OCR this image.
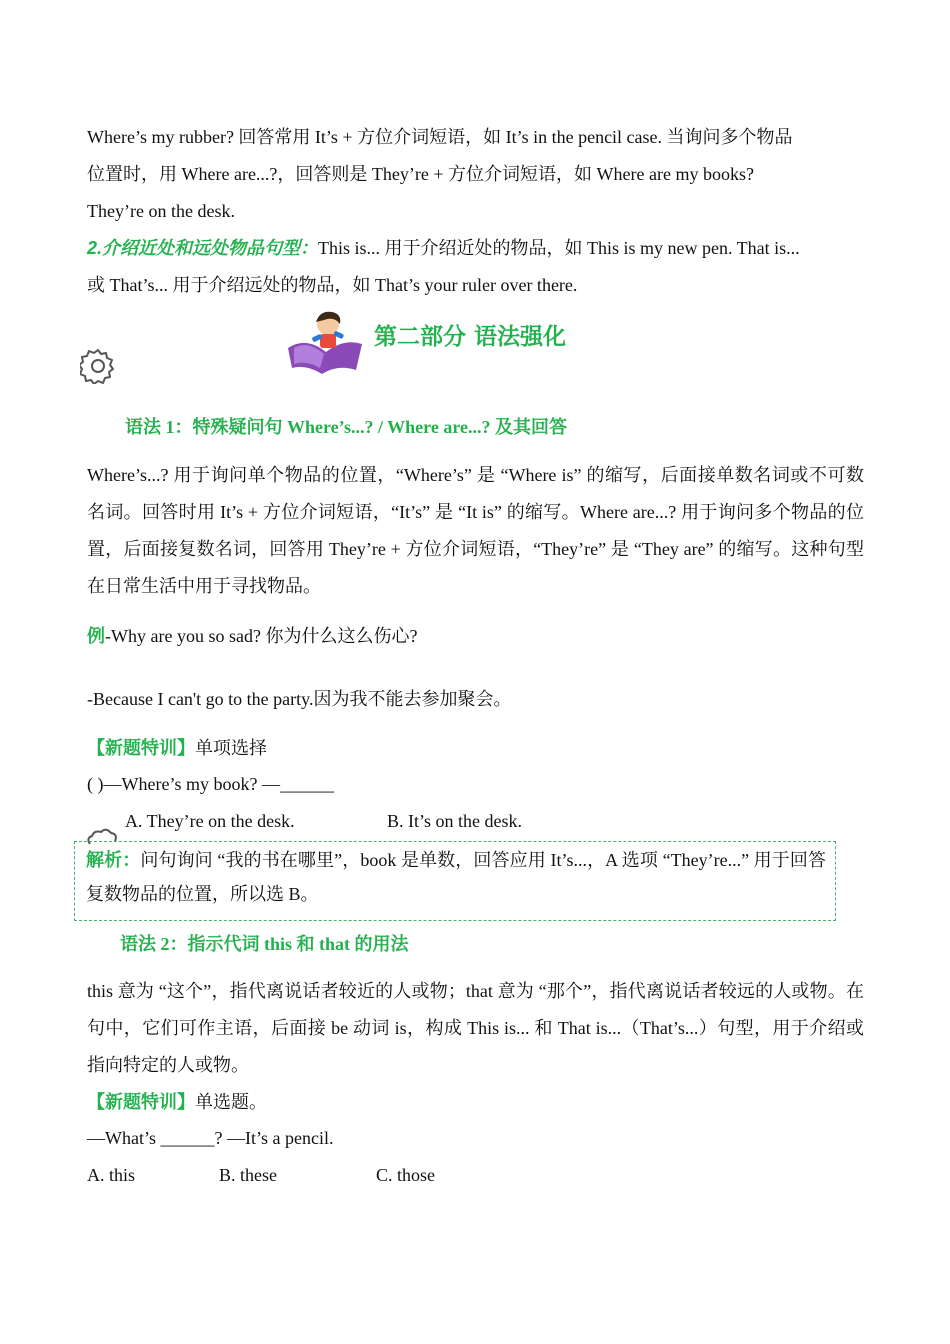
Where’s my rubber? 回答常用 It’s + 方位介词短语，如 It’s in the pencil case. 当询问多个物品
位置时，用 Where are...?，回答则是 They’re + 方位介词短语，如 Where are my books?
They’re on the desk.
2.介绍近处和远处物品句型：This is... 用于介绍近处的物品，如 This is my new pen. That is...
或 That’s... 用于介绍远处的物品，如 That’s your ruler over there.

第二部分 语法强化
语法 1：特殊疑问句 Where’s...? / Where are...? 及其回答

Where’s...? 用于询问单个物品的位置，“Where’s” 是 “Where is” 的缩写，后面接单数名词或不可数名词。回答时用 It’s + 方位介词短语，“It’s” 是 “It is” 的缩写。Where are...? 用于询问多个物品的位置，后面接复数名词，回答用 They’re + 方位介词短语，“They’re” 是 “They are” 的缩写。这种句型在日常生活中用于寻找物品。

例-Why are you so sad? 你为什么这么伤心?

-Because I can't go to the party.因为我不能去参加聚会。

【新题特训】单项选择

( )—Where’s my book? —______

A. They’re on the desk.	B. It’s on the desk.

解析：问句询问 “我的书在哪里”，book 是单数，回答应用 It’s...，A 选项 “They’re...” 用于回答复数物品的位置，所以选 B。

语法 2：指示代词 this 和 that 的用法

this 意为 “这个”，指代离说话者较近的人或物；that 意为 “那个”，指代离说话者较远的人或物。在句中，它们可作主语，后面接 be 动词 is，构成 This is... 和 That is...（That’s...）句型，用于介绍或指向特定的人或物。

【新题特训】单选题。

—What’s ______? —It’s a pencil.

A. this	B. these	C. those
